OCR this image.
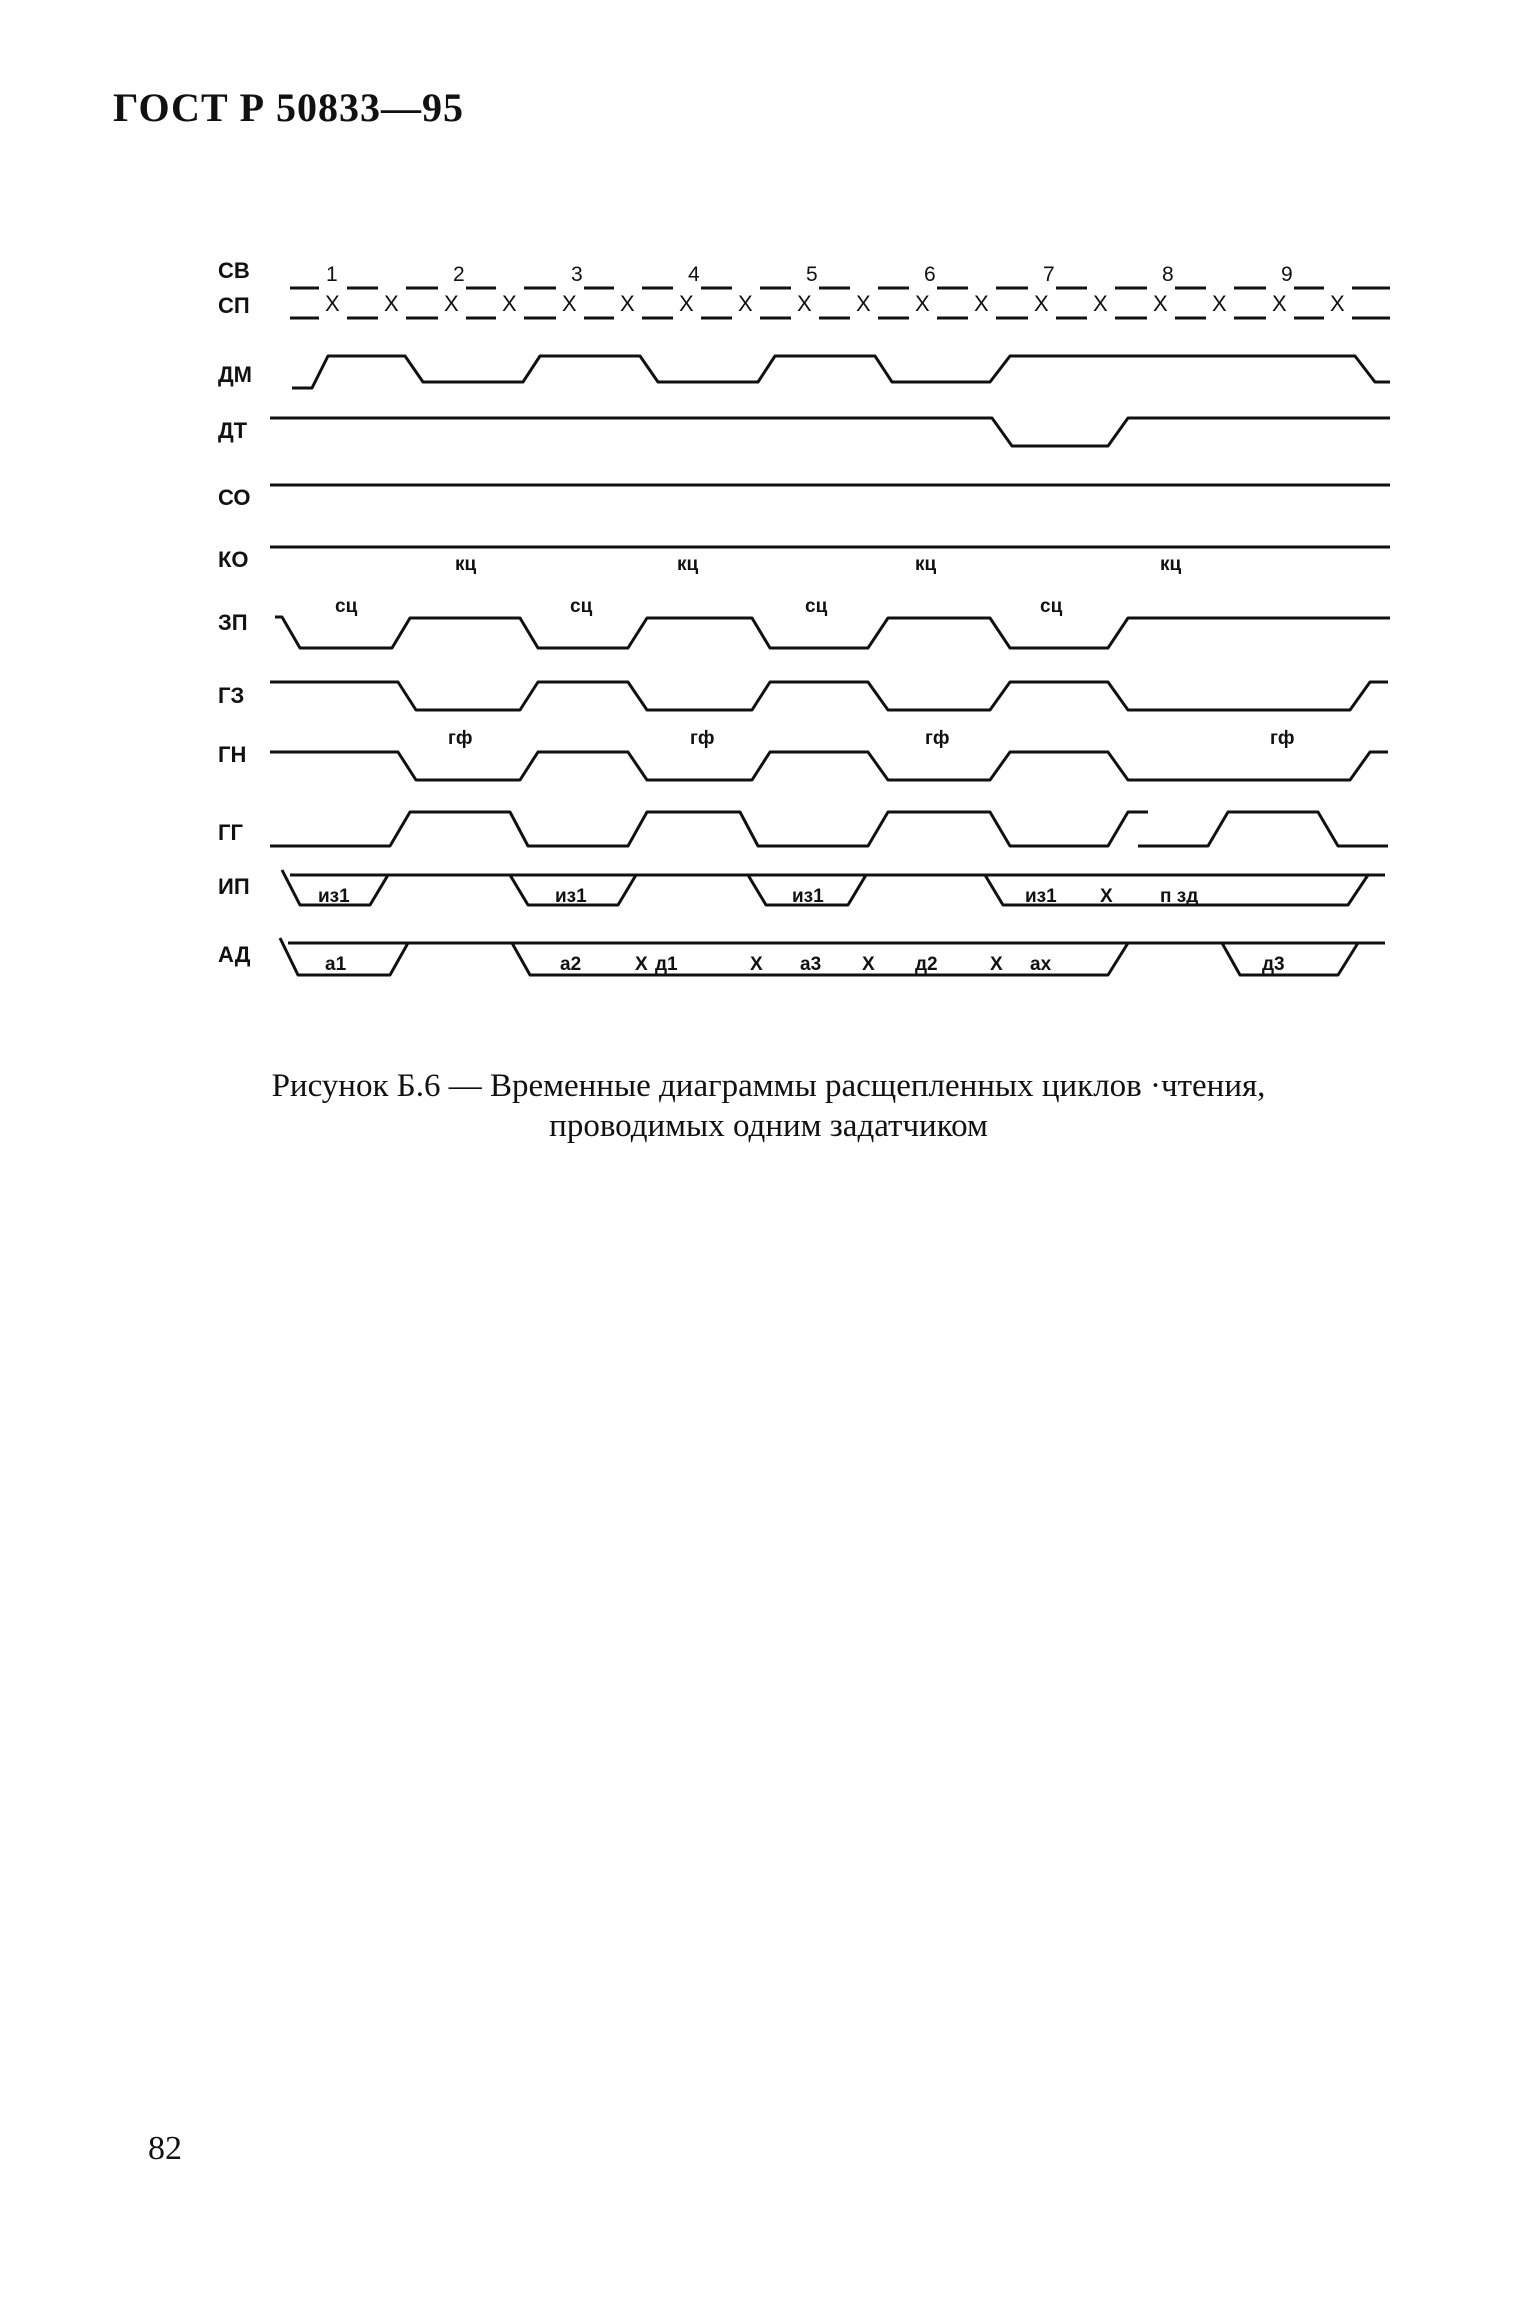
ГОСТ Р 50833—95
СВ
СП
ДМ
ДТ
СО
КО
ЗП
ГЗ
ГН
ГГ
ИП
АД
1	2	3	4	5	6	7	8	9
X X X X X X X X X X X X X X X X X X
кц	кц	кц	кц
сц	сц	сц	сц
гф	гф	гф	гф
из1	из1	из1	из1 X п зд
а1	а2	X д1	X а3 X д2	X аx	д3
Рисунок Б.6 — Временные диаграммы расщепленных циклов ·чтения,
проводимых одним задатчиком
82
